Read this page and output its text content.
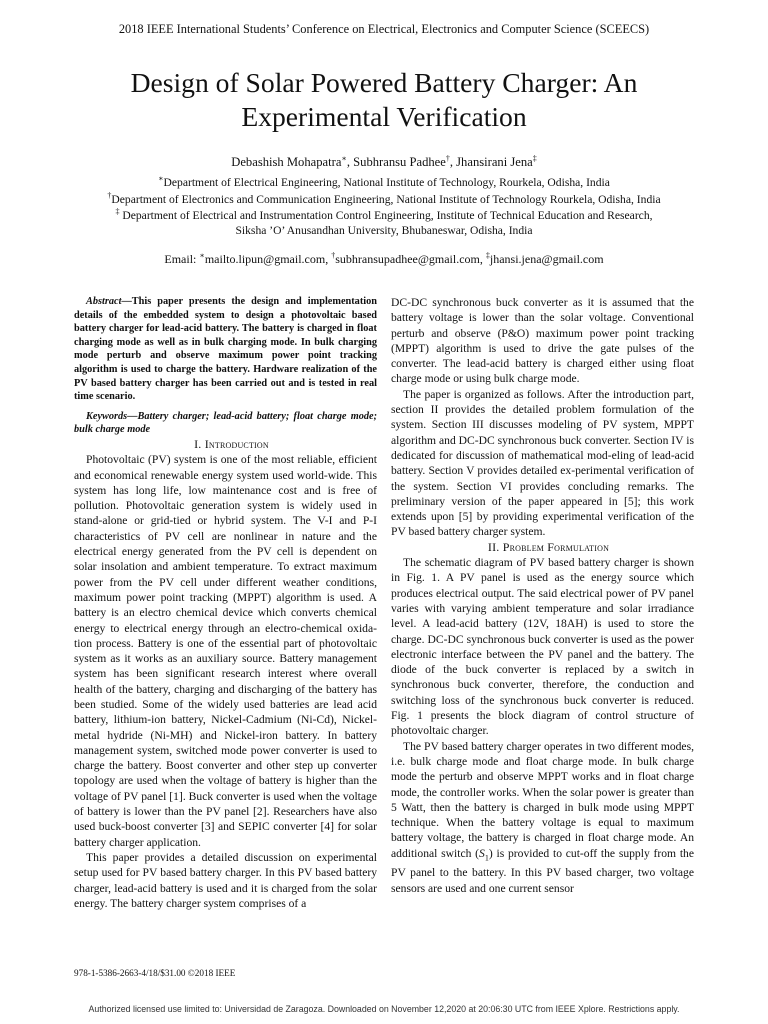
2018 IEEE International Students’ Conference on Electrical, Electronics and Computer Science (SCEECS)
Design of Solar Powered Battery Charger: An Experimental Verification
Debashish Mohapatra∗, Subhransu Padhee†, Jhansirani Jena‡
∗Department of Electrical Engineering, National Institute of Technology, Rourkela, Odisha, India
†Department of Electronics and Communication Engineering, National Institute of Technology Rourkela, Odisha, India
‡ Department of Electrical and Instrumentation Control Engineering, Institute of Technical Education and Research,
Siksha ’O’ Anusandhan University, Bhubaneswar, Odisha, India
Email: ∗mailto.lipun@gmail.com, †subhransupadhee@gmail.com, ‡jhansi.jena@gmail.com

Abstract—This paper presents the design and implementation details of the embedded system to design a photovoltaic based battery charger for lead-acid battery. The battery is charged in float charging mode as well as in bulk charging mode. In bulk charging mode perturb and observe maximum power point tracking algorithm is used to charge the battery. Hardware realization of the PV based battery charger has been carried out and is tested in real time scenario.

Keywords—Battery charger; lead-acid battery; float charge mode; bulk charge mode

I. Introduction

Photovoltaic (PV) system is one of the most reliable, efficient and economical renewable energy system used world-wide. This system has long life, low maintenance cost and is free of pollution. Photovoltaic generation system is widely used in stand-alone or grid-tied or hybrid system. The V-I and P-I characteristics of PV cell are nonlinear in nature and the electrical energy generated from the PV cell is dependent on solar insolation and ambient temperature. To extract maximum power from the PV cell under different weather conditions, maximum power point tracking (MPPT) algorithm is used. A battery is an electro chemical device which converts chemical energy to electrical energy through an electro-chemical oxida-tion process. Battery is one of the essential part of photovoltaic system as it works as an auxiliary source. Battery management system has been significant research interest where overall health of the battery, charging and discharging of the battery has been studied. Some of the widely used batteries are lead acid battery, lithium-ion battery, Nickel-Cadmium (Ni-Cd), Nickel-metal hydride (Ni-MH) and Nickel-iron battery. In battery management system, switched mode power converter is used to charge the battery. Boost converter and other step up converter topology are used when the voltage of battery is higher than the voltage of PV panel [1]. Buck converter is used when the voltage of battery is lower than the PV panel [2]. Researchers have also used buck-boost converter [3] and SEPIC converter [4] for solar battery charger application.

This paper provides a detailed discussion on experimental setup used for PV based battery charger. In this PV based battery charger, lead-acid battery is used and it is charged from the solar energy. The battery charger system comprises of a

DC-DC synchronous buck converter as it is assumed that the battery voltage is lower than the solar voltage. Conventional perturb and observe (P&O) maximum power point tracking (MPPT) algorithm is used to drive the gate pulses of the converter. The lead-acid battery is charged either using float charge mode or using bulk charge mode.

The paper is organized as follows. After the introduction part, section II provides the detailed problem formulation of the system. Section III discusses modeling of PV system, MPPT algorithm and DC-DC synchronous buck converter. Section IV is dedicated for discussion of mathematical mod-eling of lead-acid battery. Section V provides detailed ex-perimental verification of the system. Section VI provides concluding remarks. The preliminary version of the paper appeared in [5]; this work extends upon [5] by providing experimental verification of the PV based battery charger system.

II. Problem Formulation

The schematic diagram of PV based battery charger is shown in Fig. 1. A PV panel is used as the energy source which produces electrical output. The said electrical power of PV panel varies with varying ambient temperature and solar irradiance level. A lead-acid battery (12V, 18AH) is used to store the charge. DC-DC synchronous buck converter is used as the power electronic interface between the PV panel and the battery. The diode of the buck converter is replaced by a switch in synchronous buck converter, therefore, the conduction and switching loss of the synchronous buck converter is reduced. Fig. 1 presents the block diagram of control structure of photovoltaic charger.

The PV based battery charger operates in two different modes, i.e. bulk charge mode and float charge mode. In bulk charge mode the perturb and observe MPPT works and in float charge mode, the controller works. When the solar power is greater than 5 Watt, then the battery is charged in bulk mode using MPPT technique. When the battery voltage is equal to maximum battery voltage, the battery is charged in float charge mode. An additional switch $(S_1)$ is provided to cut-off the supply from the PV panel to the battery. In this PV based charger, two voltage sensors are used and one current sensor

978-1-5386-2663-4/18/$31.00 ©2018 IEEE
Authorized licensed use limited to: Universidad de Zaragoza. Downloaded on November 12,2020 at 20:06:30 UTC from IEEE Xplore. Restrictions apply.
